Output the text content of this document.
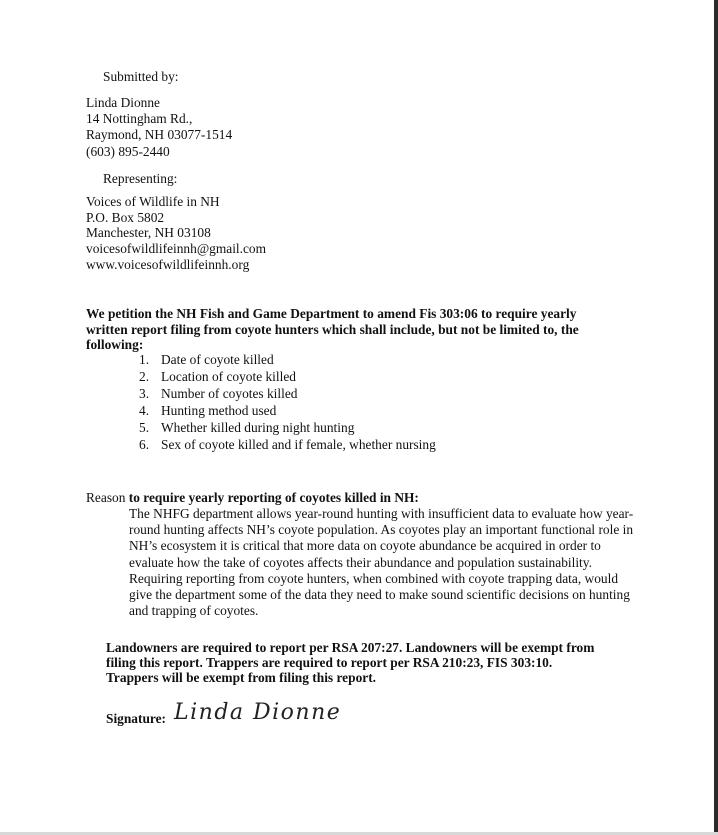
Submitted by:
Linda Dionne
14 Nottingham Rd.,
Raymond, NH 03077-1514
(603) 895-2440
Representing:
Voices of Wildlife in NH
P.O. Box 5802
Manchester, NH 03108
voicesofwildlifeinnh@gmail.com
www.voicesofwildlifeinnh.org
We petition the NH Fish and Game Department to amend Fis 303:06 to require yearly
written report filing from coyote hunters which shall include, but not be limited to, the
following:
1. Date of coyote killed
2. Location of coyote killed
3. Number of coyotes killed
4. Hunting method used
5. Whether killed during night hunting
6. Sex of coyote killed and if female, whether nursing
Reason to require yearly reporting of coyotes killed in NH:
The NHFG department allows year-round hunting with insufficient data to evaluate how year-round hunting affects NH’s coyote population. As coyotes play an important functional role in NH’s ecosystem it is critical that more data on coyote abundance be acquired in order to evaluate how the take of coyotes affects their abundance and population sustainability. Requiring reporting from coyote hunters, when combined with coyote trapping data, would give the department some of the data they need to make sound scientific decisions on hunting and trapping of coyotes.
Landowners are required to report per RSA 207:27. Landowners will be exempt from
filing this report. Trappers are required to report per RSA 210:23, FIS 303:10.
Trappers will be exempt from filing this report.
Signature: Linda Dionne
